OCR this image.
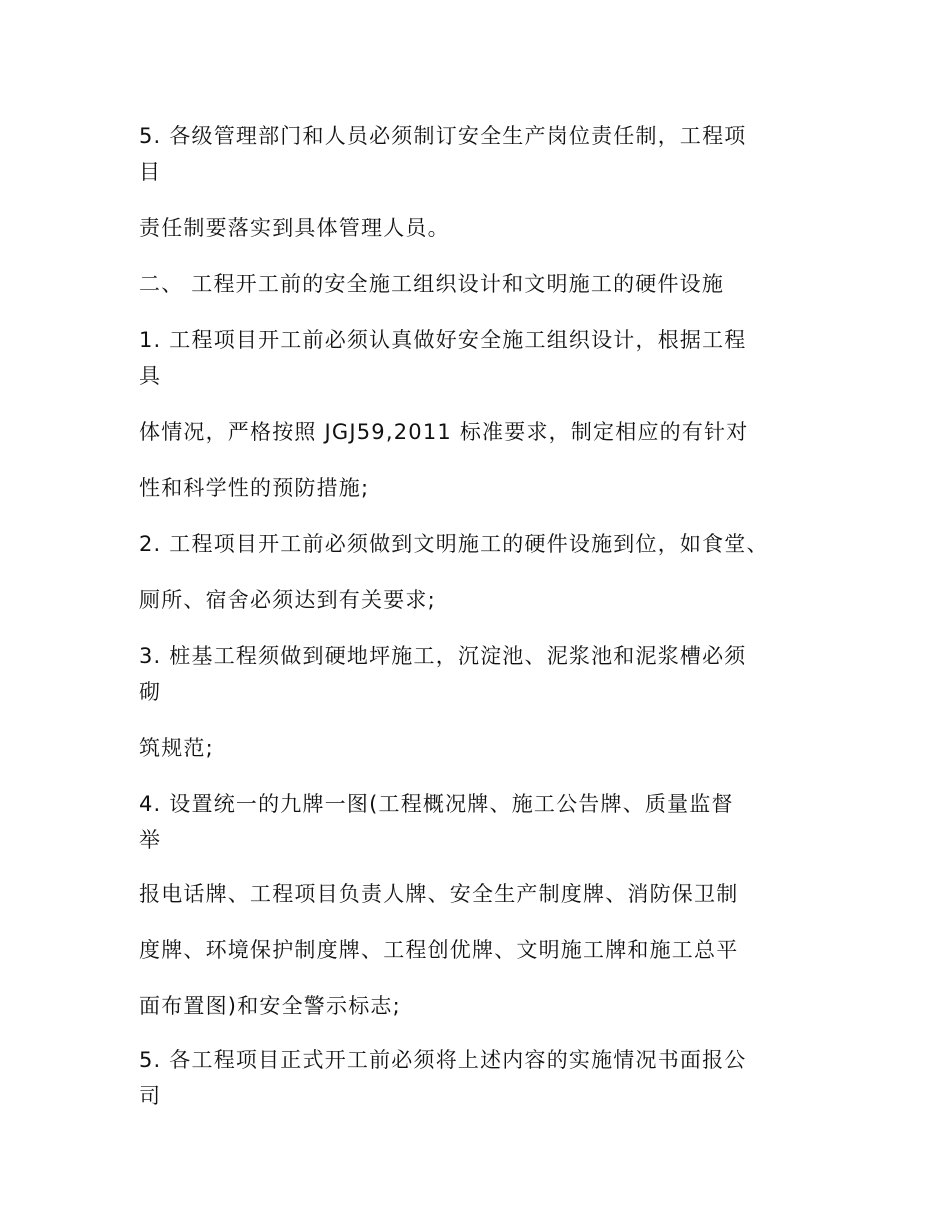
5. 各级管理部门和人员必须制订安全生产岗位责任制，工程项
目
责任制要落实到具体管理人员。
二、 工程开工前的安全施工组织设计和文明施工的硬件设施
1. 工程项目开工前必须认真做好安全施工组织设计，根据工程
具
体情况，严格按照 JGJ59,2011 标准要求，制定相应的有针对
性和科学性的预防措施;
2. 工程项目开工前必须做到文明施工的硬件设施到位，如食堂、
厕所、宿舍必须达到有关要求;
3. 桩基工程须做到硬地坪施工，沉淀池、泥浆池和泥浆槽必须
砌
筑规范;
4. 设置统一的九牌一图(工程概况牌、施工公告牌、质量监督
举
报电话牌、工程项目负责人牌、安全生产制度牌、消防保卫制
度牌、环境保护制度牌、工程创优牌、文明施工牌和施工总平
面布置图)和安全警示标志;
5. 各工程项目正式开工前必须将上述内容的实施情况书面报公
司
